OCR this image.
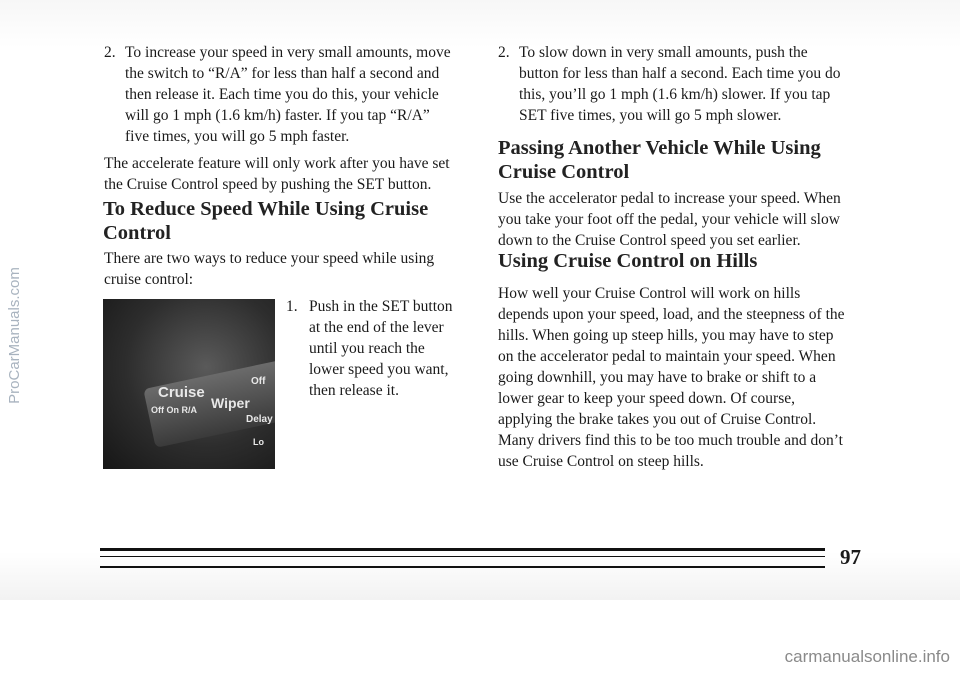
2. To increase your speed in very small amounts, move
the switch to “R/A” for less than half a second and
then release it. Each time you do this, your vehicle
will go 1 mph (1.6 km/h) faster. If you tap “R/A”
five times, you will go 5 mph faster.

The accelerate feature will only work after you have set

the Cruise Control speed by pushing the SET button.

To Reduce Speed While Using Cruise
Control

There are two ways to reduce your speed while using

cruise control:

Cruise
Wiper
Off On R/A
Off
Delay
Lo
1. Push in the SET button
at the end of the lever
until you reach the
lower speed you want,
then release it.
2. To slow down in very small amounts, push the
button for less than half a second. Each time you do
this, you’ll go 1 mph (1.6 km/h) slower. If you tap
SET five times, you will go 5 mph slower.
Passing Another Vehicle While Using
Cruise Control

Use the accelerator pedal to increase your speed. When

you take your foot off the pedal, your vehicle will slow

down to the Cruise Control speed you set earlier.

Using Cruise Control on Hills

How well your Cruise Control will work on hills

depends upon your speed, load, and the steepness of the

hills. When going up steep hills, you may have to step

on the accelerator pedal to maintain your speed. When

going downhill, you may have to brake or shift to a

lower gear to keep your speed down. Of course,

applying the brake takes you out of Cruise Control.

Many drivers find this to be too much trouble and don’t

use Cruise Control on steep hills.

97
ProCarManuals.com
carmanualsonline.info
